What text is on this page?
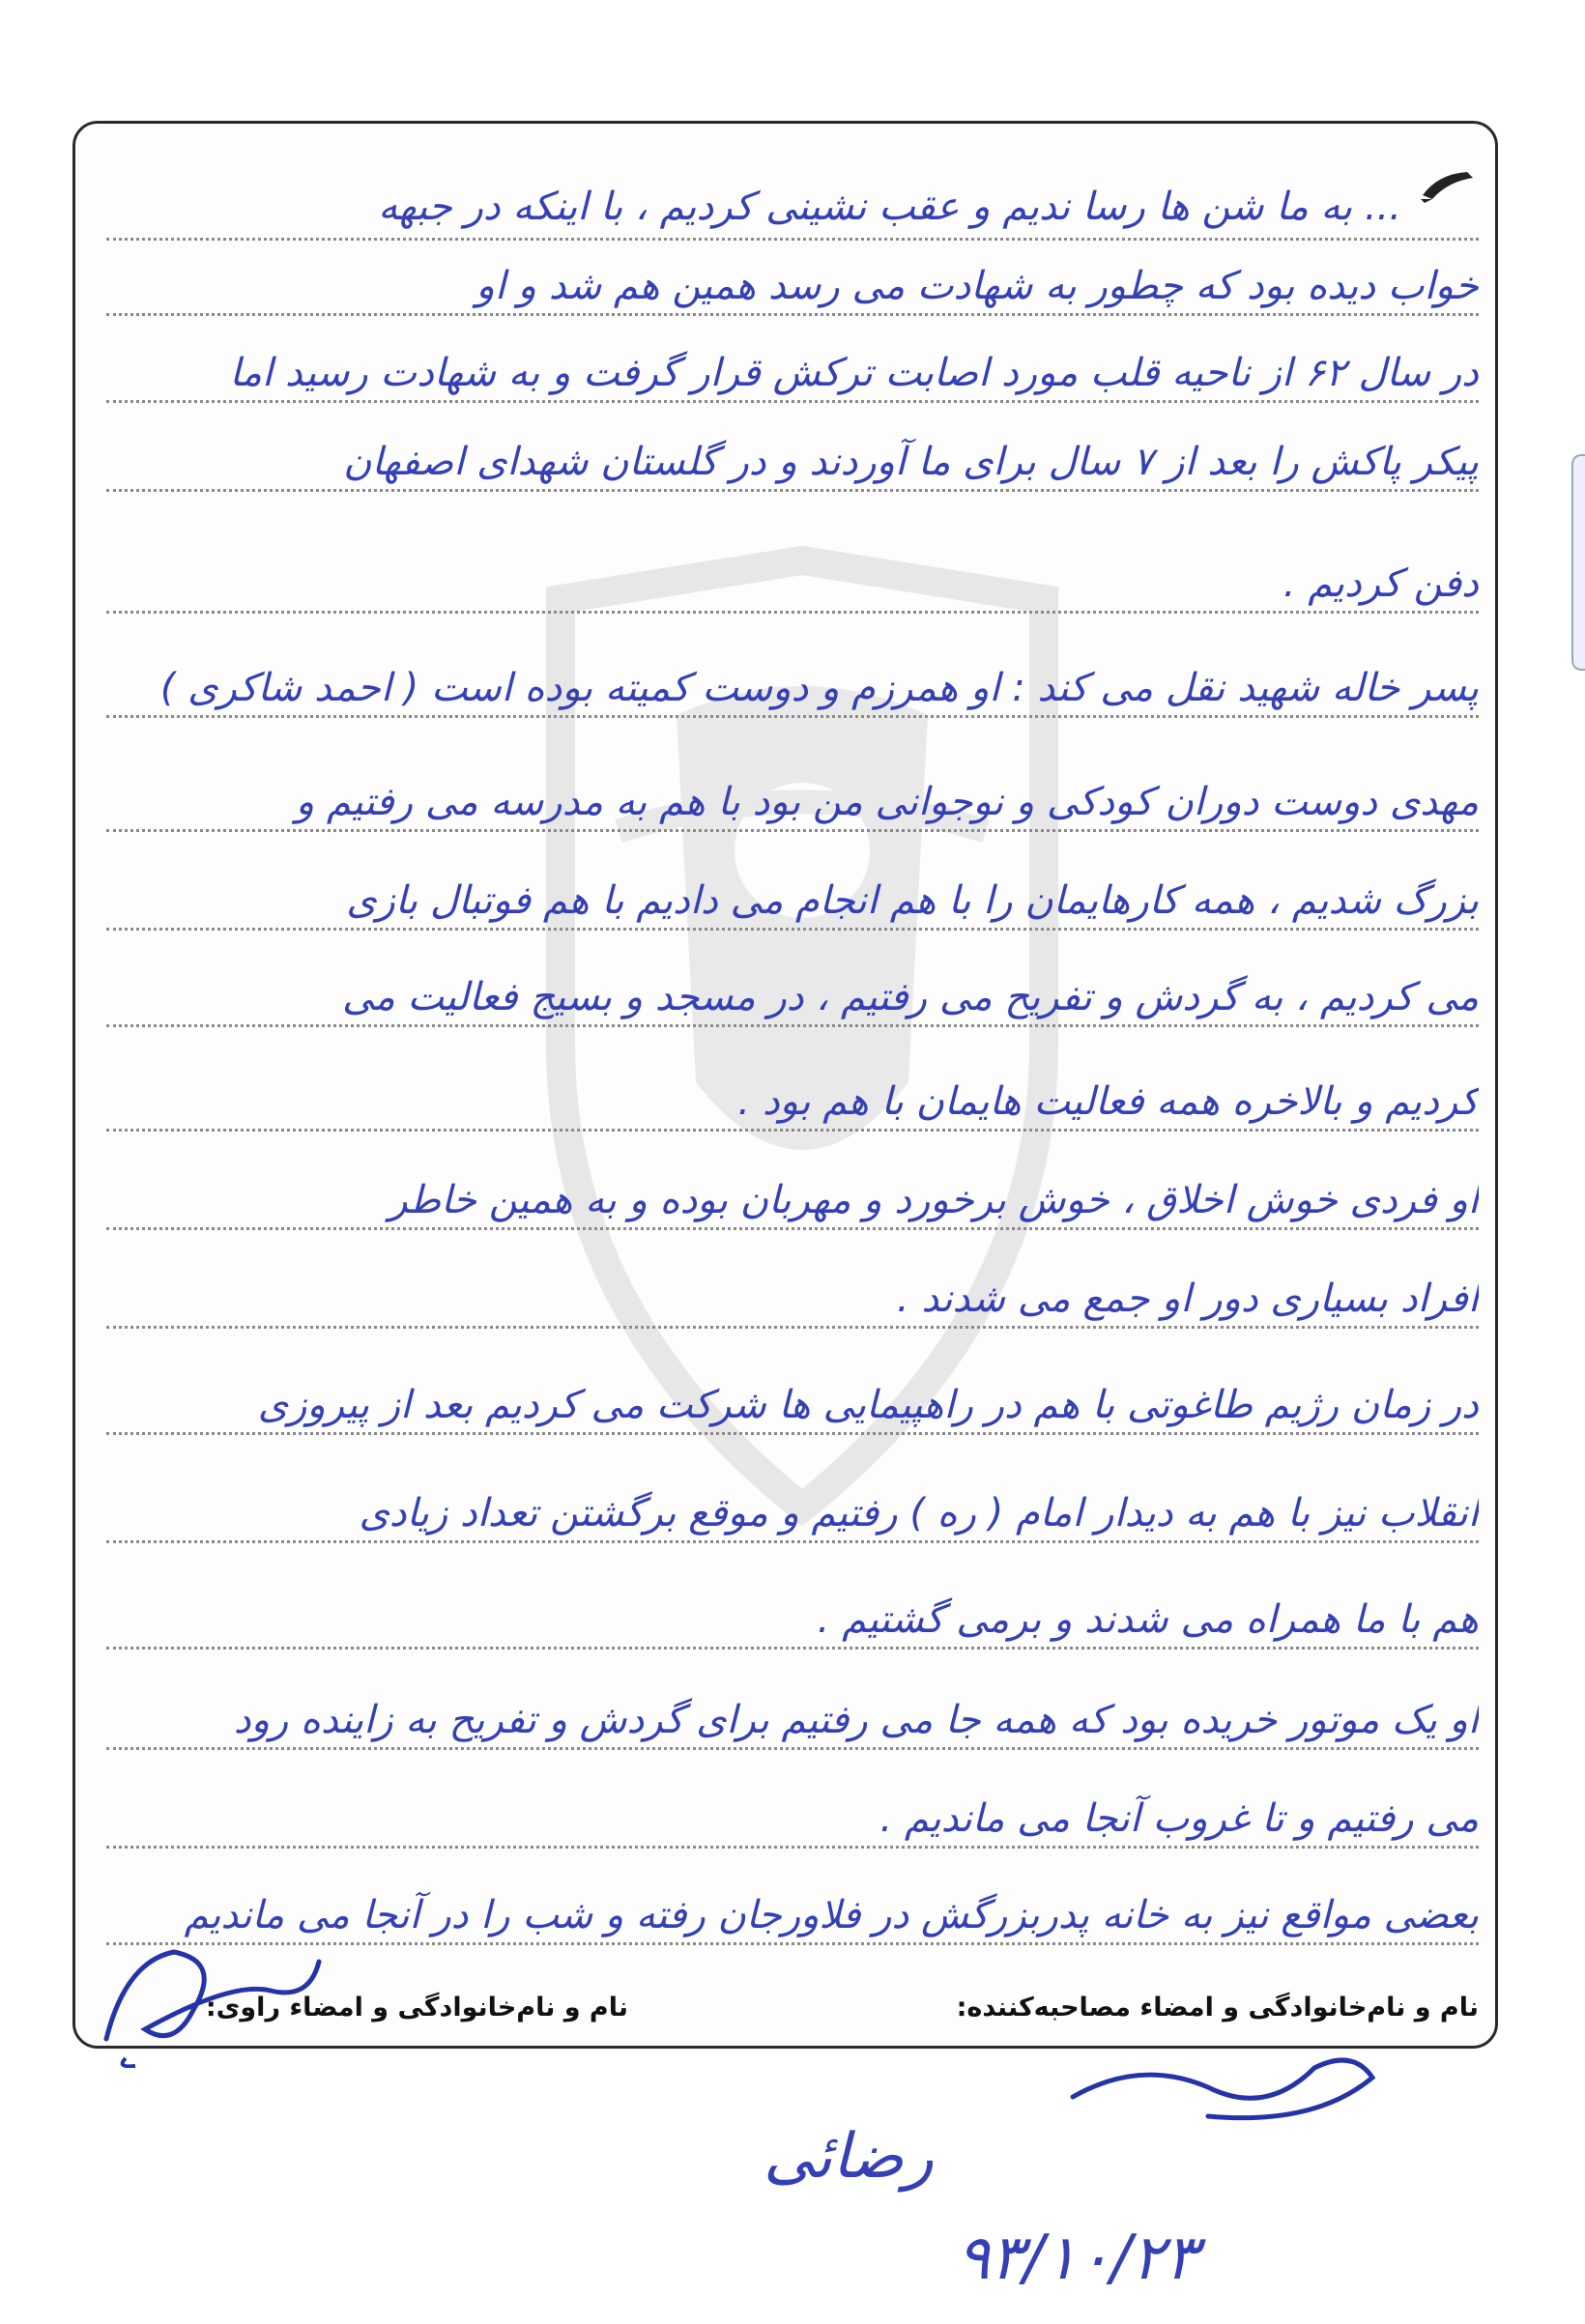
... به ما شن ها رسا ندیم و عقب نشینی کردیم ، با اینکه در جبهه
خواب دیده بود که چطور به شهادت می رسد همین هم شد و او
در سال ۶۲ از ناحیه قلب مورد اصابت ترکش قرار گرفت و به شهادت رسید اما
پیکر پاکش را بعد از ۷ سال برای ما آوردند و در گلستان شهدای اصفهان
دفن کردیم .
پسر خاله شهید نقل می کند : او همرزم و دوست کمیته بوده است ( احمد شاکری )
مهدی دوست دوران کودکی و نوجوانی من بود با هم به مدرسه می رفتیم و
بزرگ شدیم ، همه کارهایمان را با هم انجام می دادیم با هم فوتبال بازی
می کردیم ، به گردش و تفریح می رفتیم ، در مسجد و بسیج فعالیت می
کردیم و بالاخره همه فعالیت هایمان با هم بود .
او فردی خوش اخلاق ، خوش برخورد و مهربان بوده و به همین خاطر
افراد بسیاری دور او جمع می شدند .
در زمان رژیم طاغوتی با هم در راهپیمایی ها شرکت می کردیم بعد از پیروزی
انقلاب نیز با هم به دیدار امام ( ره ) رفتیم و موقع برگشتن تعداد زیادی
هم با ما همراه می شدند و برمی گشتیم .
او یک موتور خریده بود که همه جا می رفتیم برای گردش و تفریح به زاینده رود
می رفتیم و تا غروب آنجا می ماندیم .
بعضی مواقع نیز به خانه پدربزرگش در فلاورجان رفته و شب را در آنجا می ماندیم
نام و نام‌خانوادگی و امضاء راوی:	نام و نام‌خانوادگی و امضاء مصاحبه‌کننده:
رضائی
۹۳/۱۰/۲۳
